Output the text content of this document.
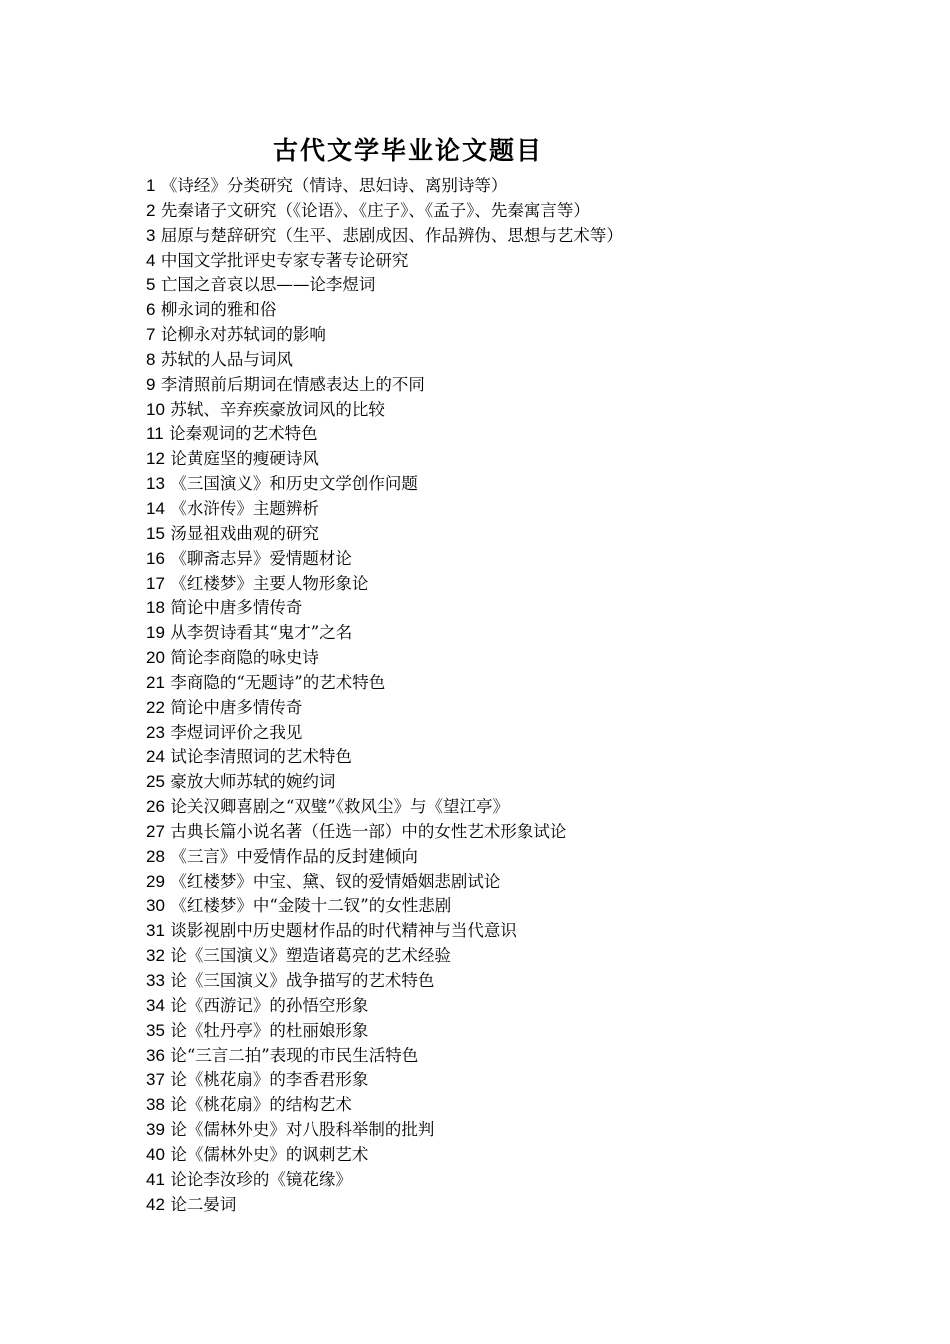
古代文学毕业论文题目
1 《诗经》分类研究（情诗、思妇诗、离别诗等）
2 先秦诸子文研究（《论语》、《庄子》、《孟子》、先秦寓言等）
3 屈原与楚辞研究（生平、悲剧成因、作品辨伪、思想与艺术等）
4 中国文学批评史专家专著专论研究
5 亡国之音哀以思——论李煜词
6 柳永词的雅和俗
7 论柳永对苏轼词的影响
8 苏轼的人品与词风
9 李清照前后期词在情感表达上的不同
10 苏轼、辛弃疾豪放词风的比较
11 论秦观词的艺术特色
12 论黄庭坚的瘦硬诗风
13 《三国演义》和历史文学创作问题
14 《水浒传》主题辨析
15 汤显祖戏曲观的研究
16 《聊斋志异》爱情题材论
17 《红楼梦》主要人物形象论
18 简论中唐多情传奇
19 从李贺诗看其“鬼才”之名
20 简论李商隐的咏史诗
21 李商隐的“无题诗”的艺术特色
22 简论中唐多情传奇
23 李煜词评价之我见
24 试论李清照词的艺术特色
25 豪放大师苏轼的婉约词
26 论关汉卿喜剧之“双璧”《救风尘》与《望江亭》
27 古典长篇小说名著（任选一部）中的女性艺术形象试论
28 《三言》中爱情作品的反封建倾向
29 《红楼梦》中宝、黛、钗的爱情婚姻悲剧试论
30 《红楼梦》中“金陵十二钗”的女性悲剧
31 谈影视剧中历史题材作品的时代精神与当代意识
32 论《三国演义》塑造诸葛亮的艺术经验
33 论《三国演义》战争描写的艺术特色
34 论《西游记》的孙悟空形象
35 论《牡丹亭》的杜丽娘形象
36 论“三言二拍”表现的市民生活特色
37 论《桃花扇》的李香君形象
38 论《桃花扇》的结构艺术
39 论《儒林外史》对八股科举制的批判
40 论《儒林外史》的讽刺艺术
41 论论李汝珍的《镜花缘》
42 论二晏词
